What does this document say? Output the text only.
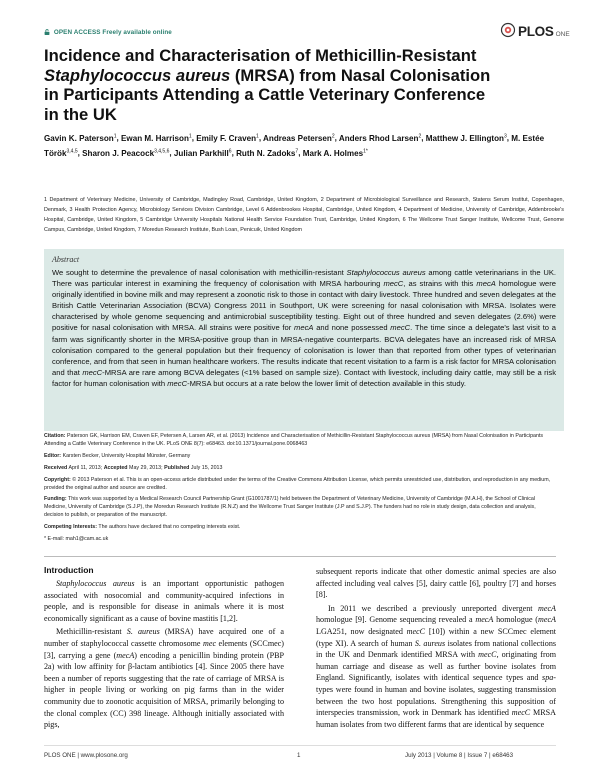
OPEN ACCESS Freely available online	PLOS ONE
Incidence and Characterisation of Methicillin-Resistant
Staphylococcus aureus (MRSA) from Nasal Colonisation
in Participants Attending a Cattle Veterinary Conference
in the UK
Gavin K. Paterson$^1$, Ewan M. Harrison$^1$, Emily F. Craven$^1$, Andreas Petersen$^2$, Anders Rhod Larsen$^2$, Matthew J. Ellington$^3$, M. Estée Török$^{3,4,5}$, Sharon J. Peacock$^{3,4,5,6}$, Julian Parkhill$^6$, Ruth N. Zadoks$^7$, Mark A. Holmes$^{1*}$
1 Department of Veterinary Medicine, University of Cambridge, Madingley Road, Cambridge, United Kingdom, 2 Department of Microbiological Surveillance and Research, Statens Serum Institut, Copenhagen, Denmark, 3 Health Protection Agency, Microbiology Services Division Cambridge, Level 6 Addenbrookes Hospital, Cambridge, United Kingdom, 4 Department of Medicine, University of Cambridge, Addenbrooke's Hospital, Cambridge, United Kingdom, 5 Cambridge University Hospitals National Health Service Foundation Trust, Cambridge, United Kingdom, 6 The Wellcome Trust Sanger Institute, Wellcome Trust, Genome Campus, Cambridge, United Kingdom, 7 Moredun Research Institute, Bush Loan, Penicuik, United Kingdom
Abstract
We sought to determine the prevalence of nasal colonisation with methicillin-resistant Staphylococcus aureus among cattle veterinarians in the UK. There was particular interest in examining the frequency of colonisation with MRSA harbouring mecC, as strains with this mecA homologue were originally identified in bovine milk and may represent a zoonotic risk to those in contact with dairy livestock. Three hundred and seven delegates at the British Cattle Veterinarian Association (BCVA) Congress 2011 in Southport, UK were screening for nasal colonisation with MRSA. Isolates were characterised by whole genome sequencing and antimicrobial susceptibility testing. Eight out of three hundred and seven delegates (2.6%) were positive for nasal colonisation with MRSA. All strains were positive for mecA and none possessed mecC. The time since a delegate's last visit to a farm was significantly shorter in the MRSA-positive group than in MRSA-negative counterparts. BCVA delegates have an increased risk of MRSA colonisation compared to the general population but their frequency of colonisation is lower than that reported from other types of veterinarian conference, and from that seen in human healthcare workers. The results indicate that recent visitation to a farm is a risk factor for MRSA colonisation and that mecC-MRSA are rare among BCVA delegates (<1% based on sample size). Contact with livestock, including dairy cattle, may still be a risk factor for human colonisation with mecC-MRSA but occurs at a rate below the lower limit of detection available in this study.
Citation: Paterson GK, Harrison EM, Craven EF, Petersen A, Larsen AR, et al. (2013) Incidence and Characterisation of Methicillin-Resistant Staphylococcus aureus (MRSA) from Nasal Colonisation in Participants Attending a Cattle Veterinary Conference in the UK. PLoS ONE 8(7): e68463. doi:10.1371/journal.pone.0068463
Editor: Karsten Becker, University Hospital Münster, Germany
Received April 11, 2013; Accepted May 29, 2013; Published July 15, 2013
Copyright: © 2013 Paterson et al. This is an open-access article distributed under the terms of the Creative Commons Attribution License, which permits unrestricted use, distribution, and reproduction in any medium, provided the original author and source are credited.
Funding: This work was supported by a Medical Research Council Partnership Grant (G1001787/1) held between the Department of Veterinary Medicine, University of Cambridge (M.A.H), the School of Clinical Medicine, University of Cambridge (S.J.P), the Moredun Research Institute (R.N.Z) and the Wellcome Trust Sanger Institute (J.P and S.J.P). The funders had no role in study design, data collection and analysis, decision to publish, or preparation of the manuscript.
Competing Interests: The authors have declared that no competing interests exist.
* E-mail: mah1@cam.ac.uk
Introduction

Staphylococcus aureus is an important opportunistic pathogen associated with nosocomial and community-acquired infections in people, and is responsible for disease in animals where it is most economically significant as a cause of bovine mastitis [1,2].

Methicillin-resistant S. aureus (MRSA) have acquired one of a number of staphylococcal cassette chromosome mec elements (SCCmec) [3], carrying a gene (mecA) encoding a penicillin binding protein (PBP 2a) with low affinity for β-lactam antibiotics [4]. Since 2005 there have been a number of reports suggesting that the rate of carriage of MRSA is higher in people living or working on pig farms than in the wider community due to zoonotic acquisition of MRSA, primarily belonging to the clonal complex (CC) 398 lineage. Although initially associated with pigs,

subsequent reports indicate that other domestic animal species are also affected including veal calves [5], dairy cattle [6], poultry [7] and horses [8].

In 2011 we described a previously unreported divergent mecA homologue [9]. Genome sequencing revealed a mecA homologue (mecA LGA251, now designated mecC [10]) within a new SCCmec element (type XI). A search of human S. aureus isolates from national collections in the UK and Denmark identified MRSA with mecC, originating from human carriage and disease as well as further bovine isolates from England. Significantly, isolates with identical sequence types and spa-types were found in human and bovine isolates, suggesting transmission between the two host populations. Strengthening this supposition of interspecies transmission, work in Denmark has identified mecC MRSA human isolates from two different farms that are identical by sequence

PLOS ONE | www.plosone.org	1	July 2013 | Volume 8 | Issue 7 | e68463
